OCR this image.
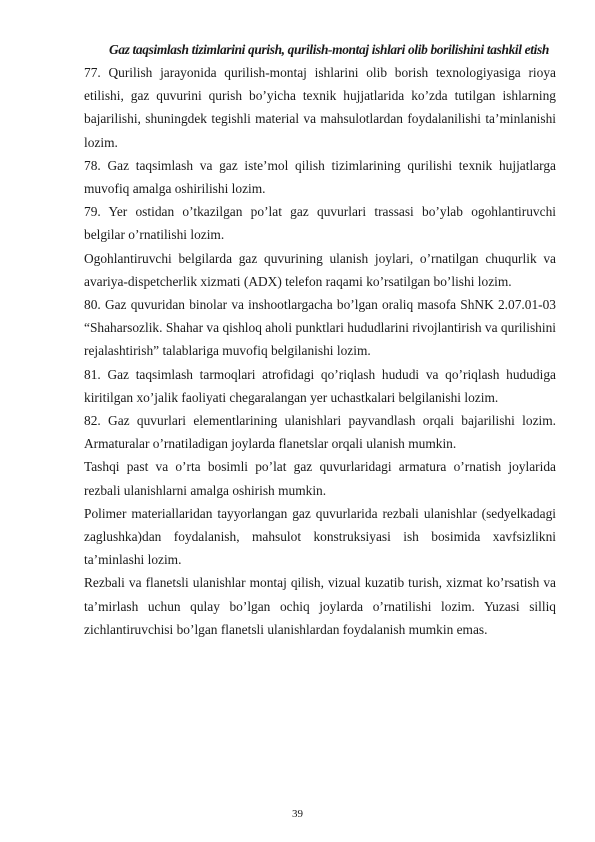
Gaz taqsimlash tizimlarini qurish, qurilish-montaj ishlari olib borilishini tashkil etish

77. Qurilish jarayonida qurilish-montaj ishlarini olib borish texnologiyasiga rioya etilishi, gaz quvurini qurish bo’yicha texnik hujjatlarida ko’zda tutilgan ishlarning bajarilishi, shuningdek tegishli material va mahsulotlardan foydalanilishi ta’minlanishi lozim.

78. Gaz taqsimlash va gaz iste’mol qilish tizimlarining qurilishi texnik hujjatlarga muvofiq amalga oshirilishi lozim.

79. Yer ostidan o’tkazilgan po’lat gaz quvurlari trassasi bo’ylab ogohlantiruvchi belgilar o’rnatilishi lozim.

Ogohlantiruvchi belgilarda gaz quvurining ulanish joylari, o’rnatilgan chuqurlik va avariya-dispetcherlik xizmati (ADX) telefon raqami ko’rsatilgan bo’lishi lozim.

80. Gaz quvuridan binolar va inshootlargacha bo’lgan oraliq masofa ShNK 2.07.01-03 “Shaharsozlik. Shahar va qishloq aholi punktlari hududlarini rivojlantirish va qurilishini rejalashtirish” talablariga muvofiq belgilanishi lozim.

81. Gaz taqsimlash tarmoqlari atrofidagi qo’riqlash hududi va qo’riqlash hududiga kiritilgan xo’jalik faoliyati chegaralangan yer uchastkalari belgilanishi lozim.

82. Gaz quvurlari elementlarining ulanishlari payvandlash orqali bajarilishi lozim. Armaturalar o’rnatiladigan joylarda flanetslar orqali ulanish mumkin.

Tashqi past va o’rta bosimli po’lat gaz quvurlaridagi armatura o’rnatish joylarida rezbali ulanishlarni amalga oshirish mumkin.

Polimer materiallaridan tayyorlangan gaz quvurlarida rezbali ulanishlar (sedyelkadagi zaglushka)dan foydalanish, mahsulot konstruksiyasi ish bosimida xavfsizlikni ta’minlashi lozim.

Rezbali va flanetsli ulanishlar montaj qilish, vizual kuzatib turish, xizmat ko’rsatish va ta’mirlash uchun qulay bo’lgan ochiq joylarda o’rnatilishi lozim. Yuzasi silliq zichlantiruvchisi bo’lgan flanetsli ulanishlardan foydalanish mumkin emas.

39
